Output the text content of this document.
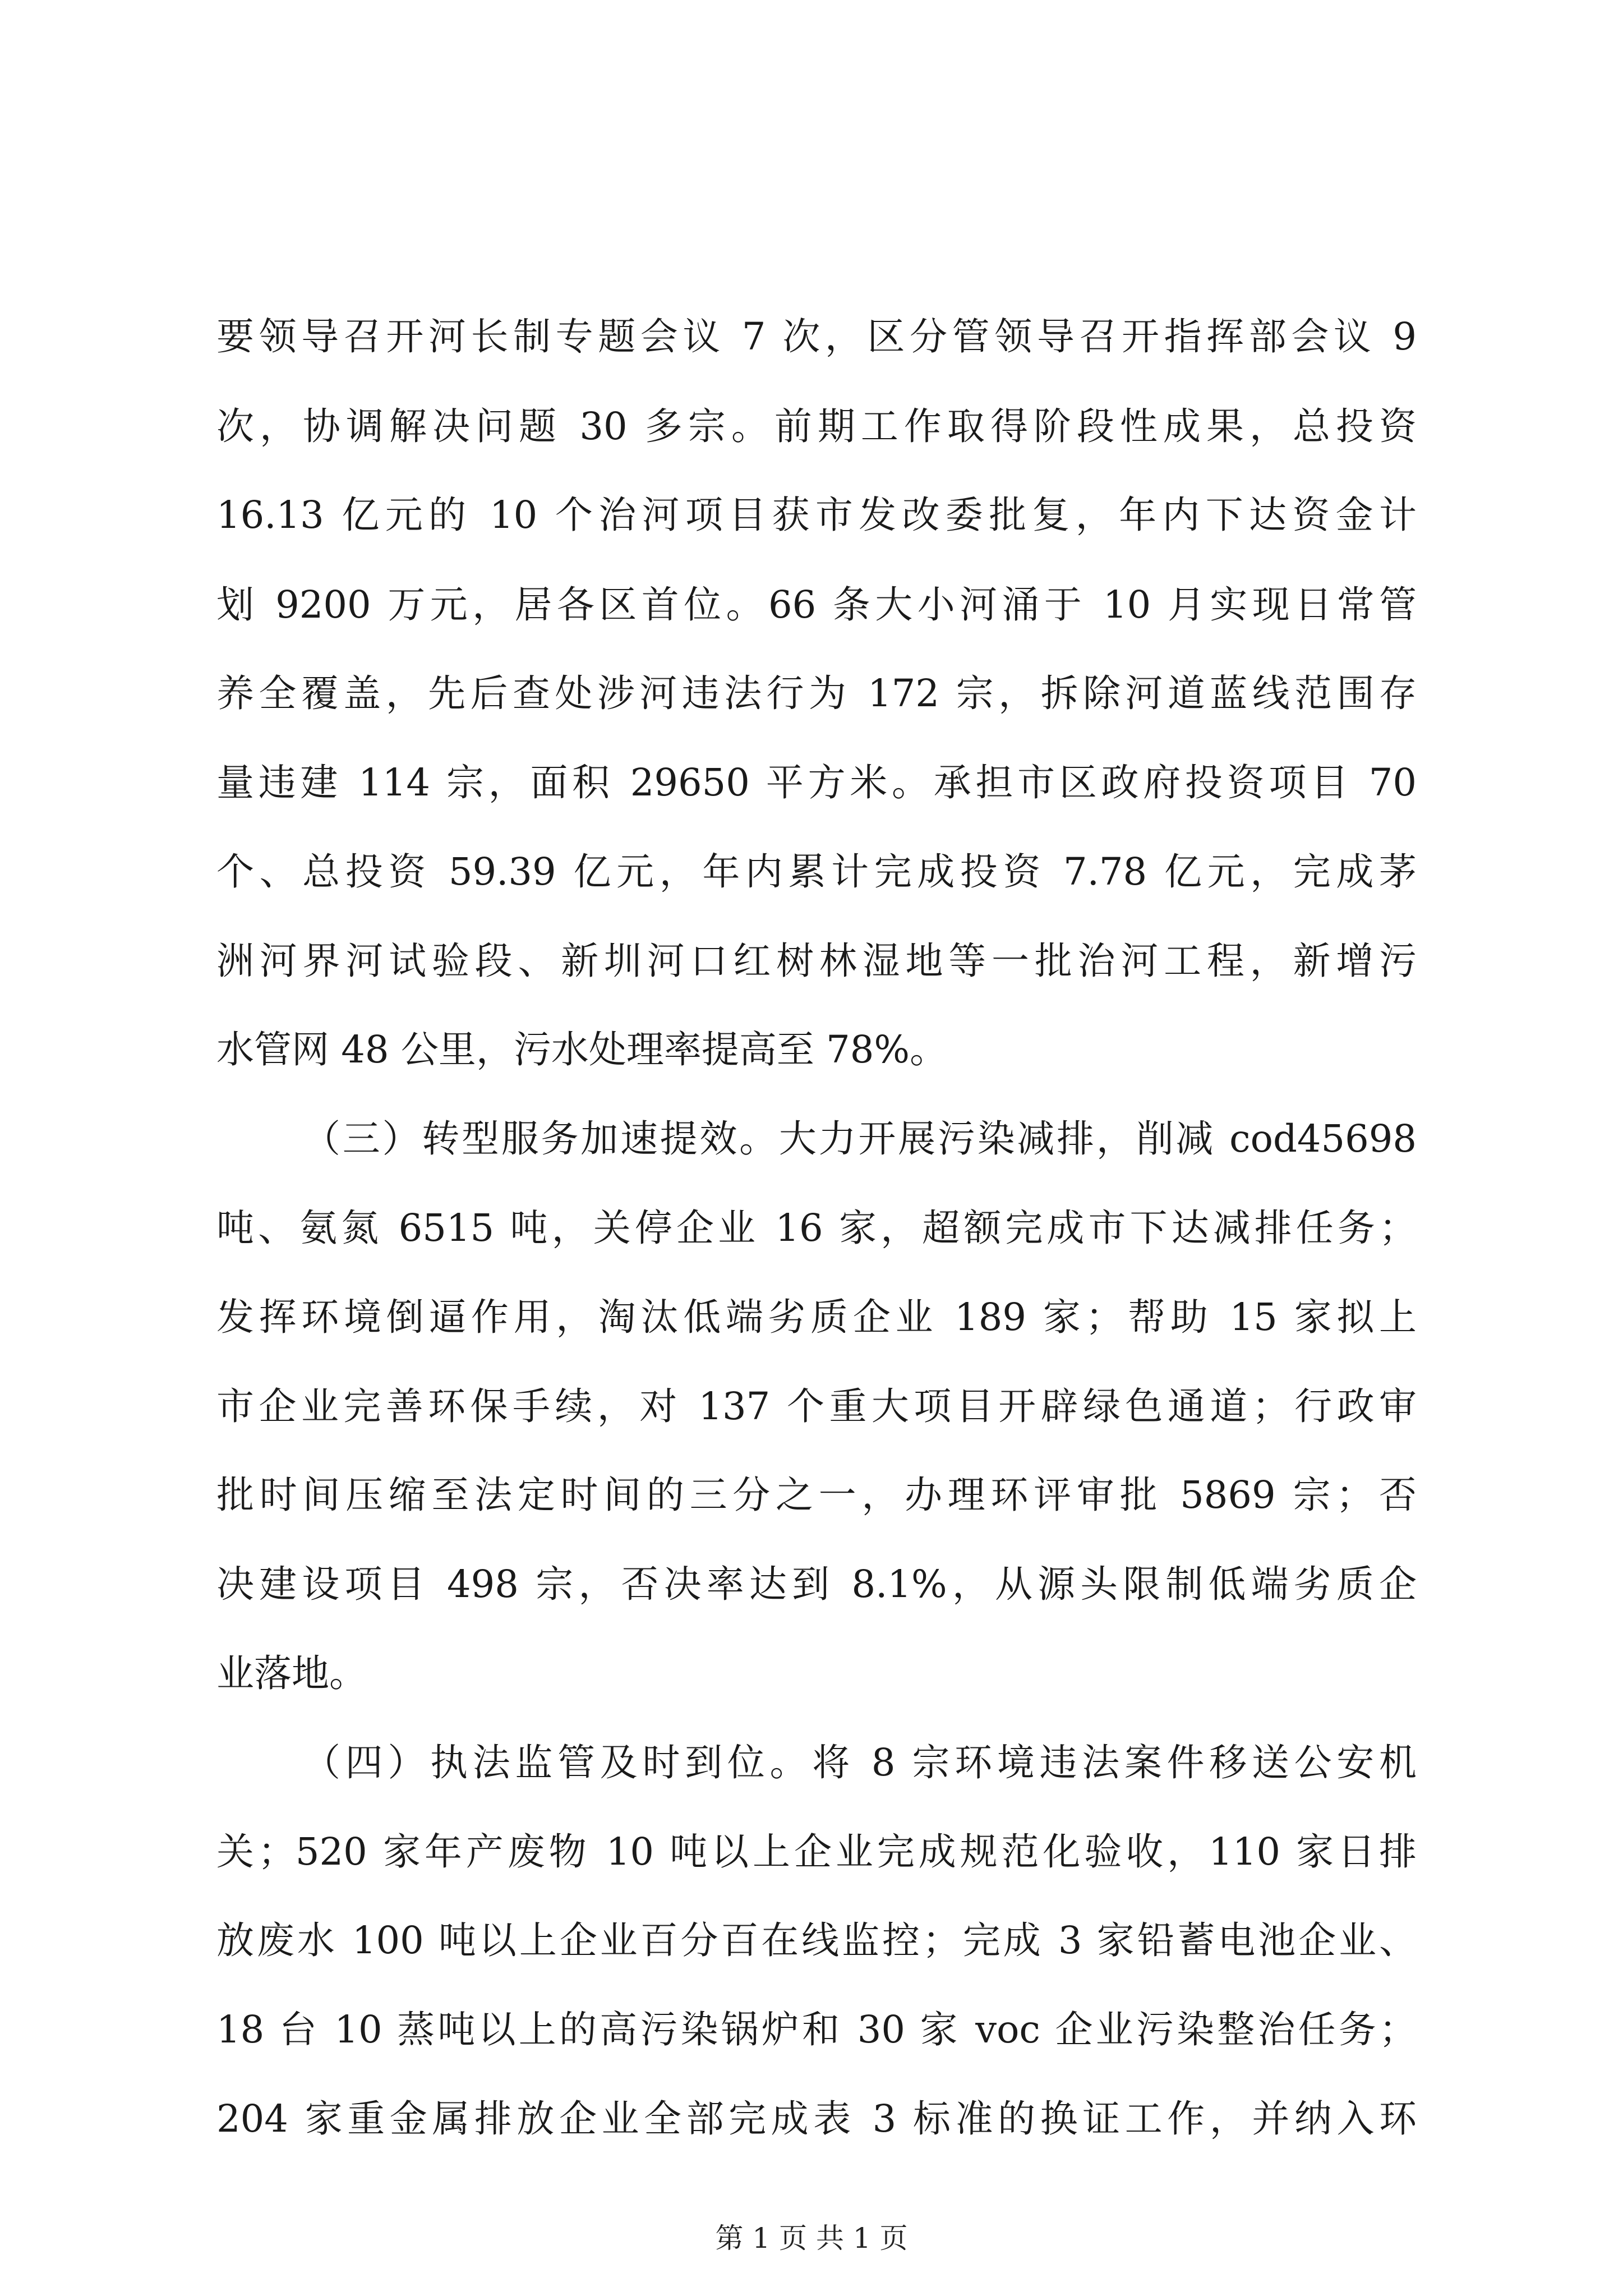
要领导召开河长制专题会议 7 次，区分管领导召开指挥部会议 9
次，协调解决问题 30 多宗。前期工作取得阶段性成果，总投资
16.13 亿元的 10 个治河项目获市发改委批复，年内下达资金计
划 9200 万元，居各区首位。66 条大小河涌于 10 月实现日常管
养全覆盖，先后查处涉河违法行为 172 宗，拆除河道蓝线范围存
量违建 114 宗，面积 29650 平方米。承担市区政府投资项目 70
个、总投资 59.39 亿元，年内累计完成投资 7.78 亿元，完成茅
洲河界河试验段、新圳河口红树林湿地等一批治河工程，新增污
水管网 48 公里，污水处理率提高至 78%。
（三）转型服务加速提效。大力开展污染减排，削减 cod45698
吨、氨氮 6515 吨，关停企业 16 家，超额完成市下达减排任务；
发挥环境倒逼作用，淘汰低端劣质企业 189 家；帮助 15 家拟上
市企业完善环保手续，对 137 个重大项目开辟绿色通道；行政审
批时间压缩至法定时间的三分之一，办理环评审批 5869 宗；否
决建设项目 498 宗，否决率达到 8.1%，从源头限制低端劣质企
业落地。
（四）执法监管及时到位。将 8 宗环境违法案件移送公安机
关；520 家年产废物 10 吨以上企业完成规范化验收，110 家日排
放废水 100 吨以上企业百分百在线监控；完成 3 家铅蓄电池企业、
18 台 10 蒸吨以上的高污染锅炉和 30 家 voc 企业污染整治任务；
第 1 页 共 1 页
204 家重金属排放企业全部完成表 3 标准的换证工作，并纳入环
